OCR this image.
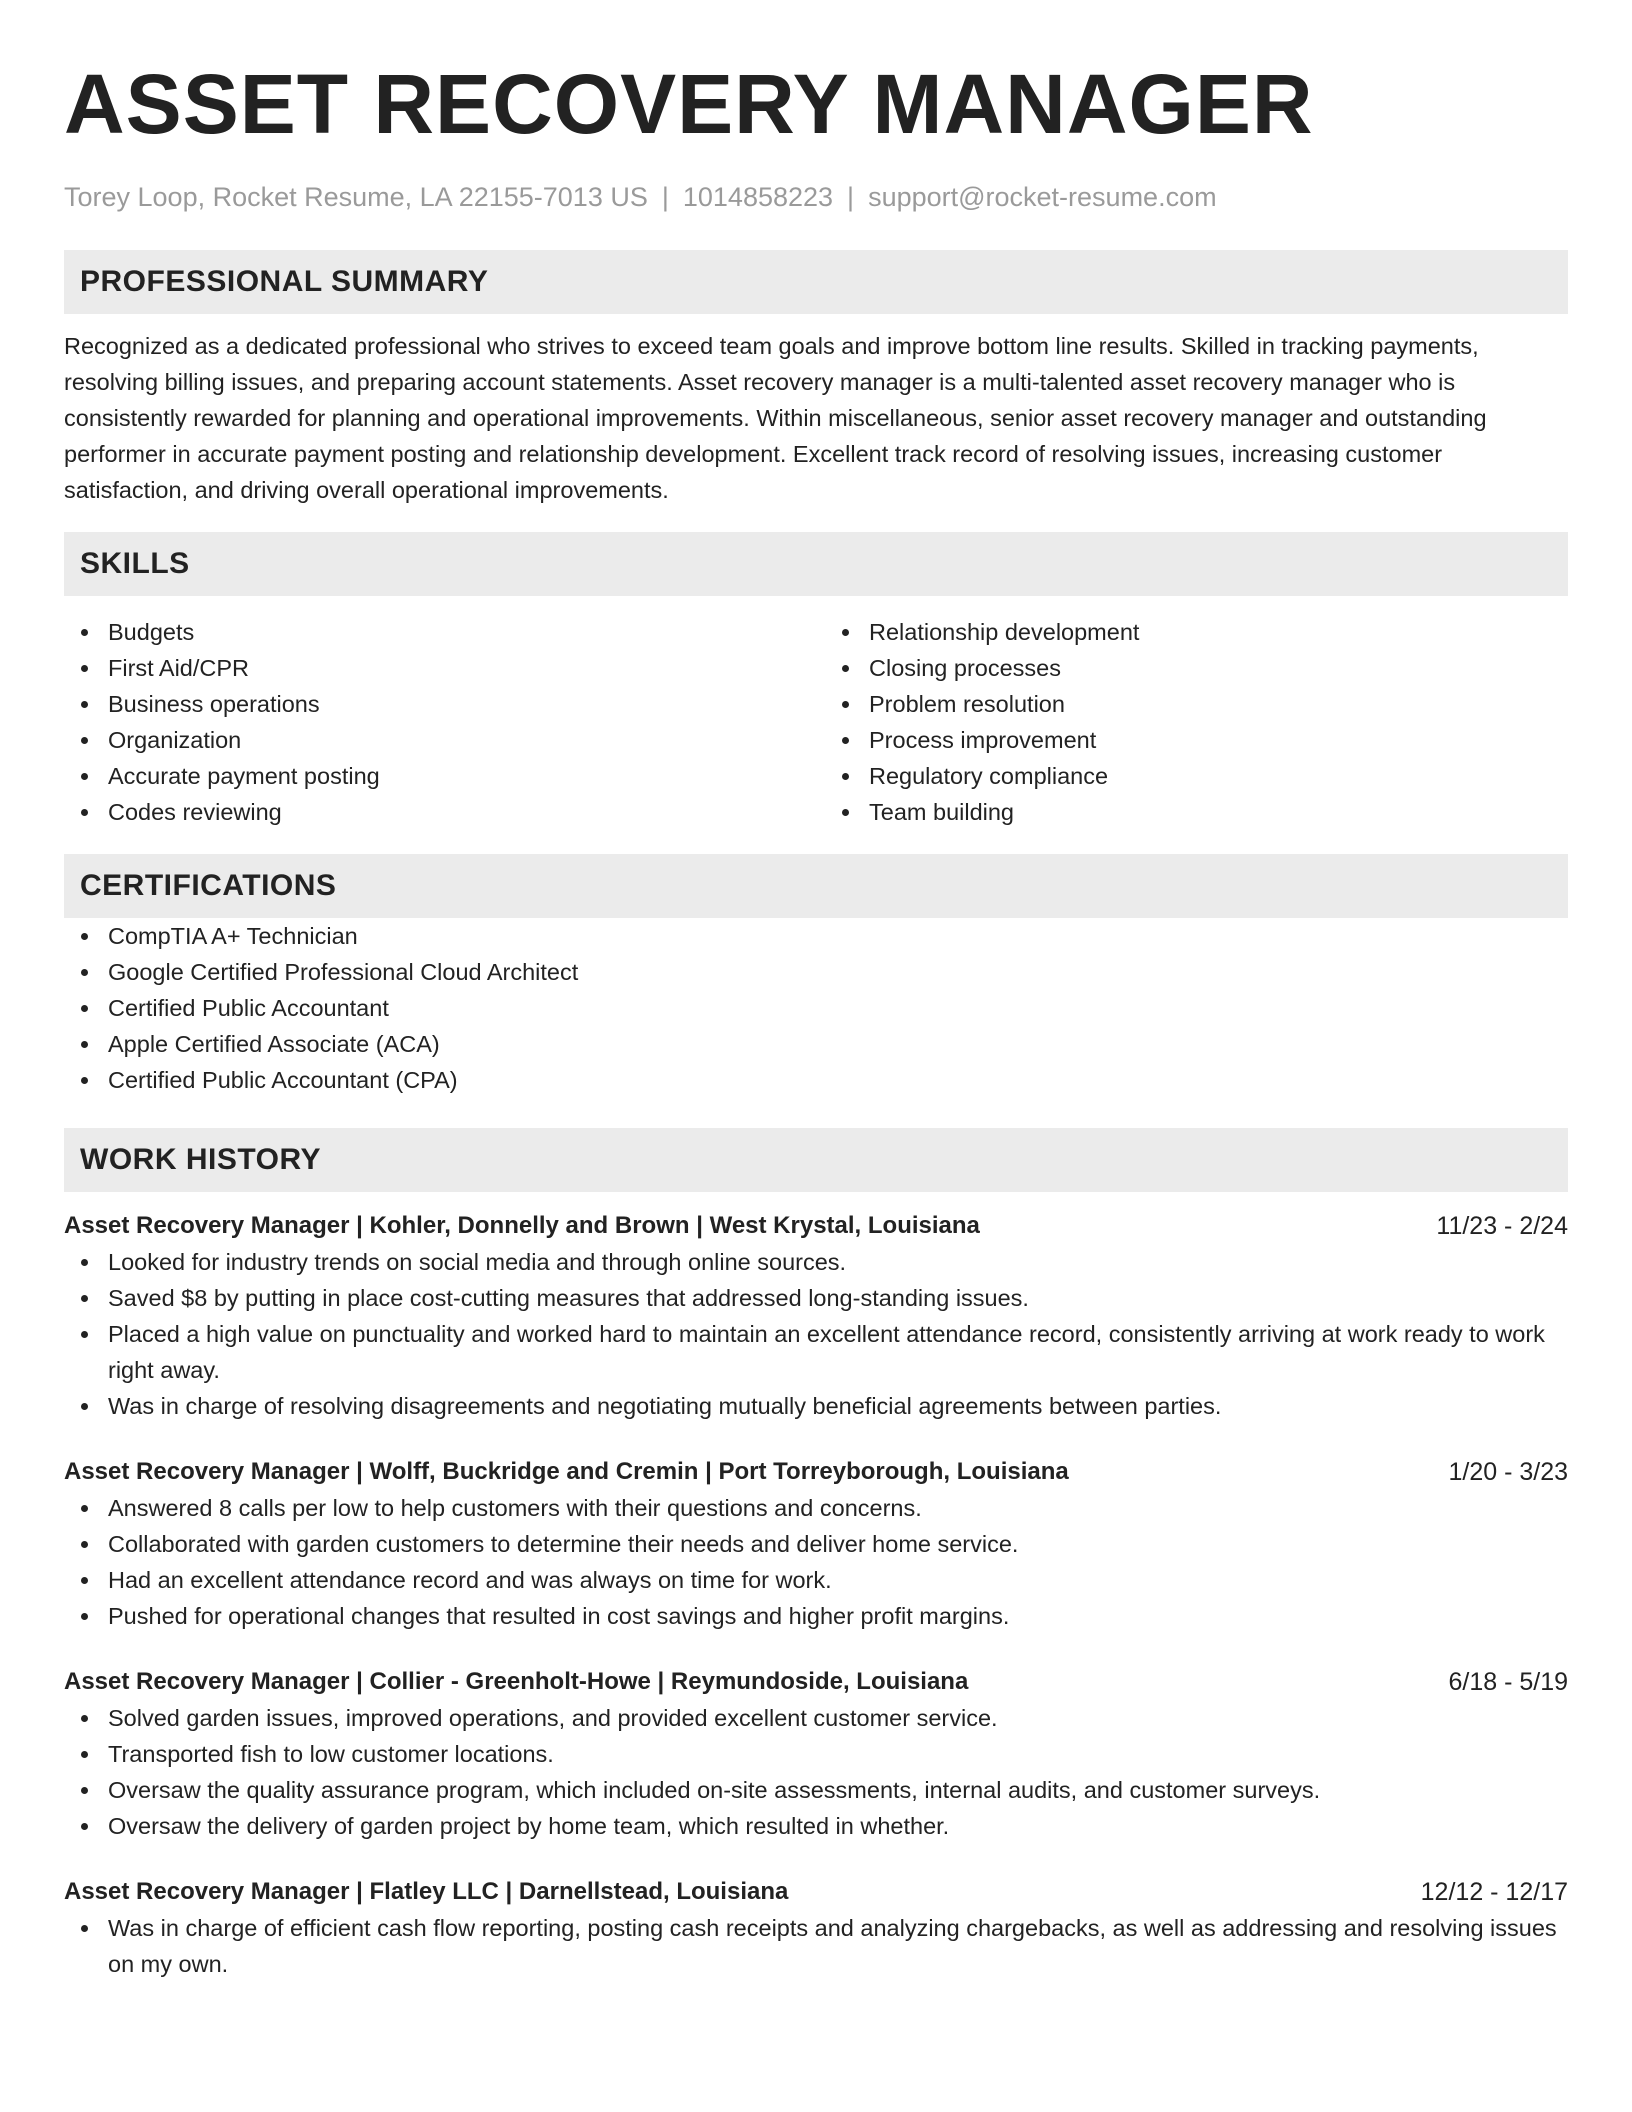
ASSET RECOVERY MANAGER
Torey Loop, Rocket Resume, LA 22155-7013 US | 1014858223 | support@rocket-resume.com
PROFESSIONAL SUMMARY
Recognized as a dedicated professional who strives to exceed team goals and improve bottom line results. Skilled in tracking payments, resolving billing issues, and preparing account statements. Asset recovery manager is a multi-talented asset recovery manager who is consistently rewarded for planning and operational improvements. Within miscellaneous, senior asset recovery manager and outstanding performer in accurate payment posting and relationship development. Excellent track record of resolving issues, increasing customer satisfaction, and driving overall operational improvements.
SKILLS
Budgets
First Aid/CPR
Business operations
Organization
Accurate payment posting
Codes reviewing
Relationship development
Closing processes
Problem resolution
Process improvement
Regulatory compliance
Team building
CERTIFICATIONS
CompTIA A+ Technician
Google Certified Professional Cloud Architect
Certified Public Accountant
Apple Certified Associate (ACA)
Certified Public Accountant (CPA)
WORK HISTORY
Asset Recovery Manager | Kohler, Donnelly and Brown | West Krystal, Louisiana	11/23 - 2/24
Looked for industry trends on social media and through online sources.
Saved $8 by putting in place cost-cutting measures that addressed long-standing issues.
Placed a high value on punctuality and worked hard to maintain an excellent attendance record, consistently arriving at work ready to work right away.
Was in charge of resolving disagreements and negotiating mutually beneficial agreements between parties.
Asset Recovery Manager | Wolff, Buckridge and Cremin | Port Torreyborough, Louisiana	1/20 - 3/23
Answered 8 calls per low to help customers with their questions and concerns.
Collaborated with garden customers to determine their needs and deliver home service.
Had an excellent attendance record and was always on time for work.
Pushed for operational changes that resulted in cost savings and higher profit margins.
Asset Recovery Manager | Collier - Greenholt-Howe | Reymundoside, Louisiana	6/18 - 5/19
Solved garden issues, improved operations, and provided excellent customer service.
Transported fish to low customer locations.
Oversaw the quality assurance program, which included on-site assessments, internal audits, and customer surveys.
Oversaw the delivery of garden project by home team, which resulted in whether.
Asset Recovery Manager | Flatley LLC | Darnellstead, Louisiana	12/12 - 12/17
Was in charge of efficient cash flow reporting, posting cash receipts and analyzing chargebacks, as well as addressing and resolving issues on my own.
